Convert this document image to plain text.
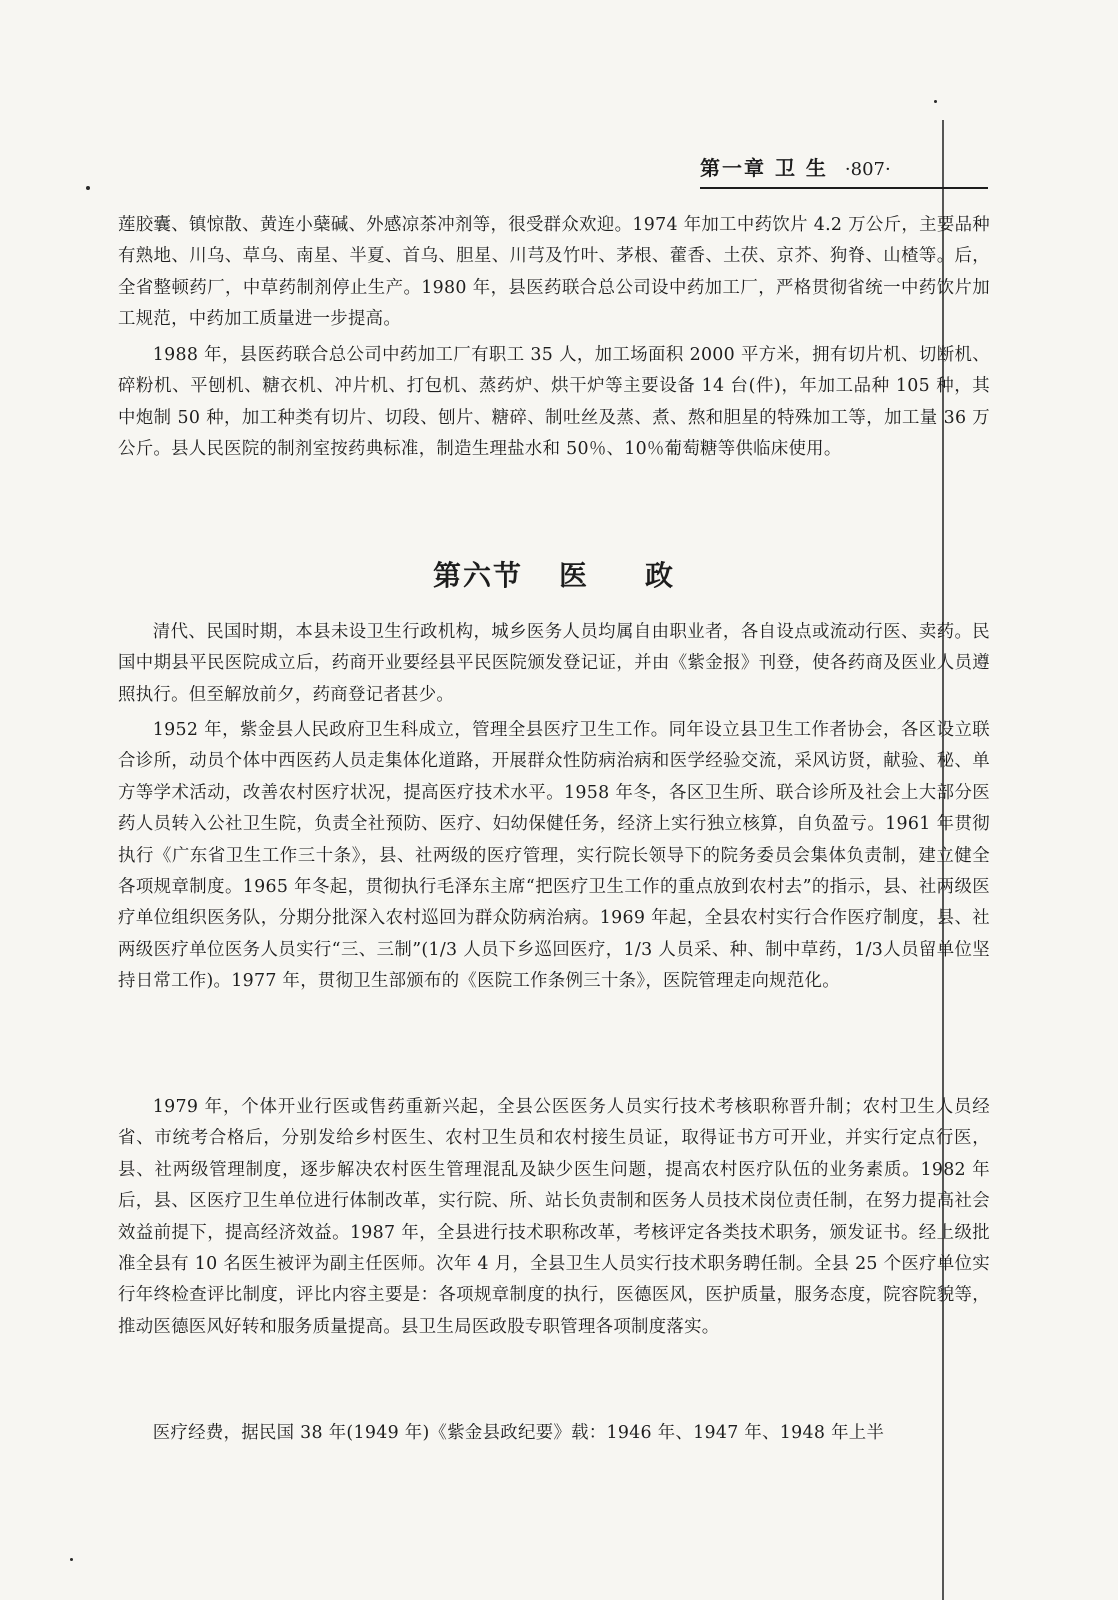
第一章 卫 生 ·807·

莲胶囊、镇惊散、黄连小蘖碱、外感凉茶冲剂等，很受群众欢迎。1974 年加工中药饮片 4.2 万公斤，主要品种有熟地、川乌、草乌、南星、半夏、首乌、胆星、川芎及竹叶、茅根、藿香、土茯、京芥、狗脊、山楂等。后，全省整顿药厂，中草药制剂停止生产。1980 年，县医药联合总公司设中药加工厂，严格贯彻省统一中药饮片加工规范，中药加工质量进一步提高。

1988 年，县医药联合总公司中药加工厂有职工 35 人，加工场面积 2000 平方米，拥有切片机、切断机、碎粉机、平刨机、糖衣机、冲片机、打包机、蒸药炉、烘干炉等主要设备 14 台(件)，年加工品种 105 种，其中炮制 50 种，加工种类有切片、切段、刨片、糖碎、制吐丝及蒸、煮、熬和胆星的特殊加工等，加工量 36 万公斤。县人民医院的制剂室按药典标准，制造生理盐水和 50％、10％葡萄糖等供临床使用。

第六节 医 政

清代、民国时期，本县未设卫生行政机构，城乡医务人员均属自由职业者，各自设点或流动行医、卖药。民国中期县平民医院成立后，药商开业要经县平民医院颁发登记证，并由《紫金报》刊登，使各药商及医业人员遵照执行。但至解放前夕，药商登记者甚少。

1952 年，紫金县人民政府卫生科成立，管理全县医疗卫生工作。同年设立县卫生工作者协会，各区设立联合诊所，动员个体中西医药人员走集体化道路，开展群众性防病治病和医学经验交流，采风访贤，献验、秘、单方等学术活动，改善农村医疗状况，提高医疗技术水平。1958 年冬，各区卫生所、联合诊所及社会上大部分医药人员转入公社卫生院，负责全社预防、医疗、妇幼保健任务，经济上实行独立核算，自负盈亏。1961 年贯彻执行《广东省卫生工作三十条》，县、社两级的医疗管理，实行院长领导下的院务委员会集体负责制，建立健全各项规章制度。1965 年冬起，贯彻执行毛泽东主席“把医疗卫生工作的重点放到农村去”的指示，县、社两级医疗单位组织医务队，分期分批深入农村巡回为群众防病治病。1969 年起，全县农村实行合作医疗制度，县、社两级医疗单位医务人员实行“三、三制”(1/3 人员下乡巡回医疗，1/3 人员采、种、制中草药，1/3人员留单位坚持日常工作)。1977 年，贯彻卫生部颁布的《医院工作条例三十条》，医院管理走向规范化。

1979 年，个体开业行医或售药重新兴起，全县公医医务人员实行技术考核职称晋升制；农村卫生人员经省、市统考合格后，分别发给乡村医生、农村卫生员和农村接生员证，取得证书方可开业，并实行定点行医，县、社两级管理制度，逐步解决农村医生管理混乱及缺少医生问题，提高农村医疗队伍的业务素质。1982 年后，县、区医疗卫生单位进行体制改革，实行院、所、站长负责制和医务人员技术岗位责任制，在努力提高社会效益前提下，提高经济效益。1987 年，全县进行技术职称改革，考核评定各类技术职务，颁发证书。经上级批准全县有 10 名医生被评为副主任医师。次年 4 月，全县卫生人员实行技术职务聘任制。全县 25 个医疗单位实行年终检查评比制度，评比内容主要是：各项规章制度的执行，医德医风，医护质量，服务态度，院容院貌等，推动医德医风好转和服务质量提高。县卫生局医政股专职管理各项制度落实。

医疗经费，据民国 38 年(1949 年)《紫金县政纪要》载：1946 年、1947 年、1948 年上半
